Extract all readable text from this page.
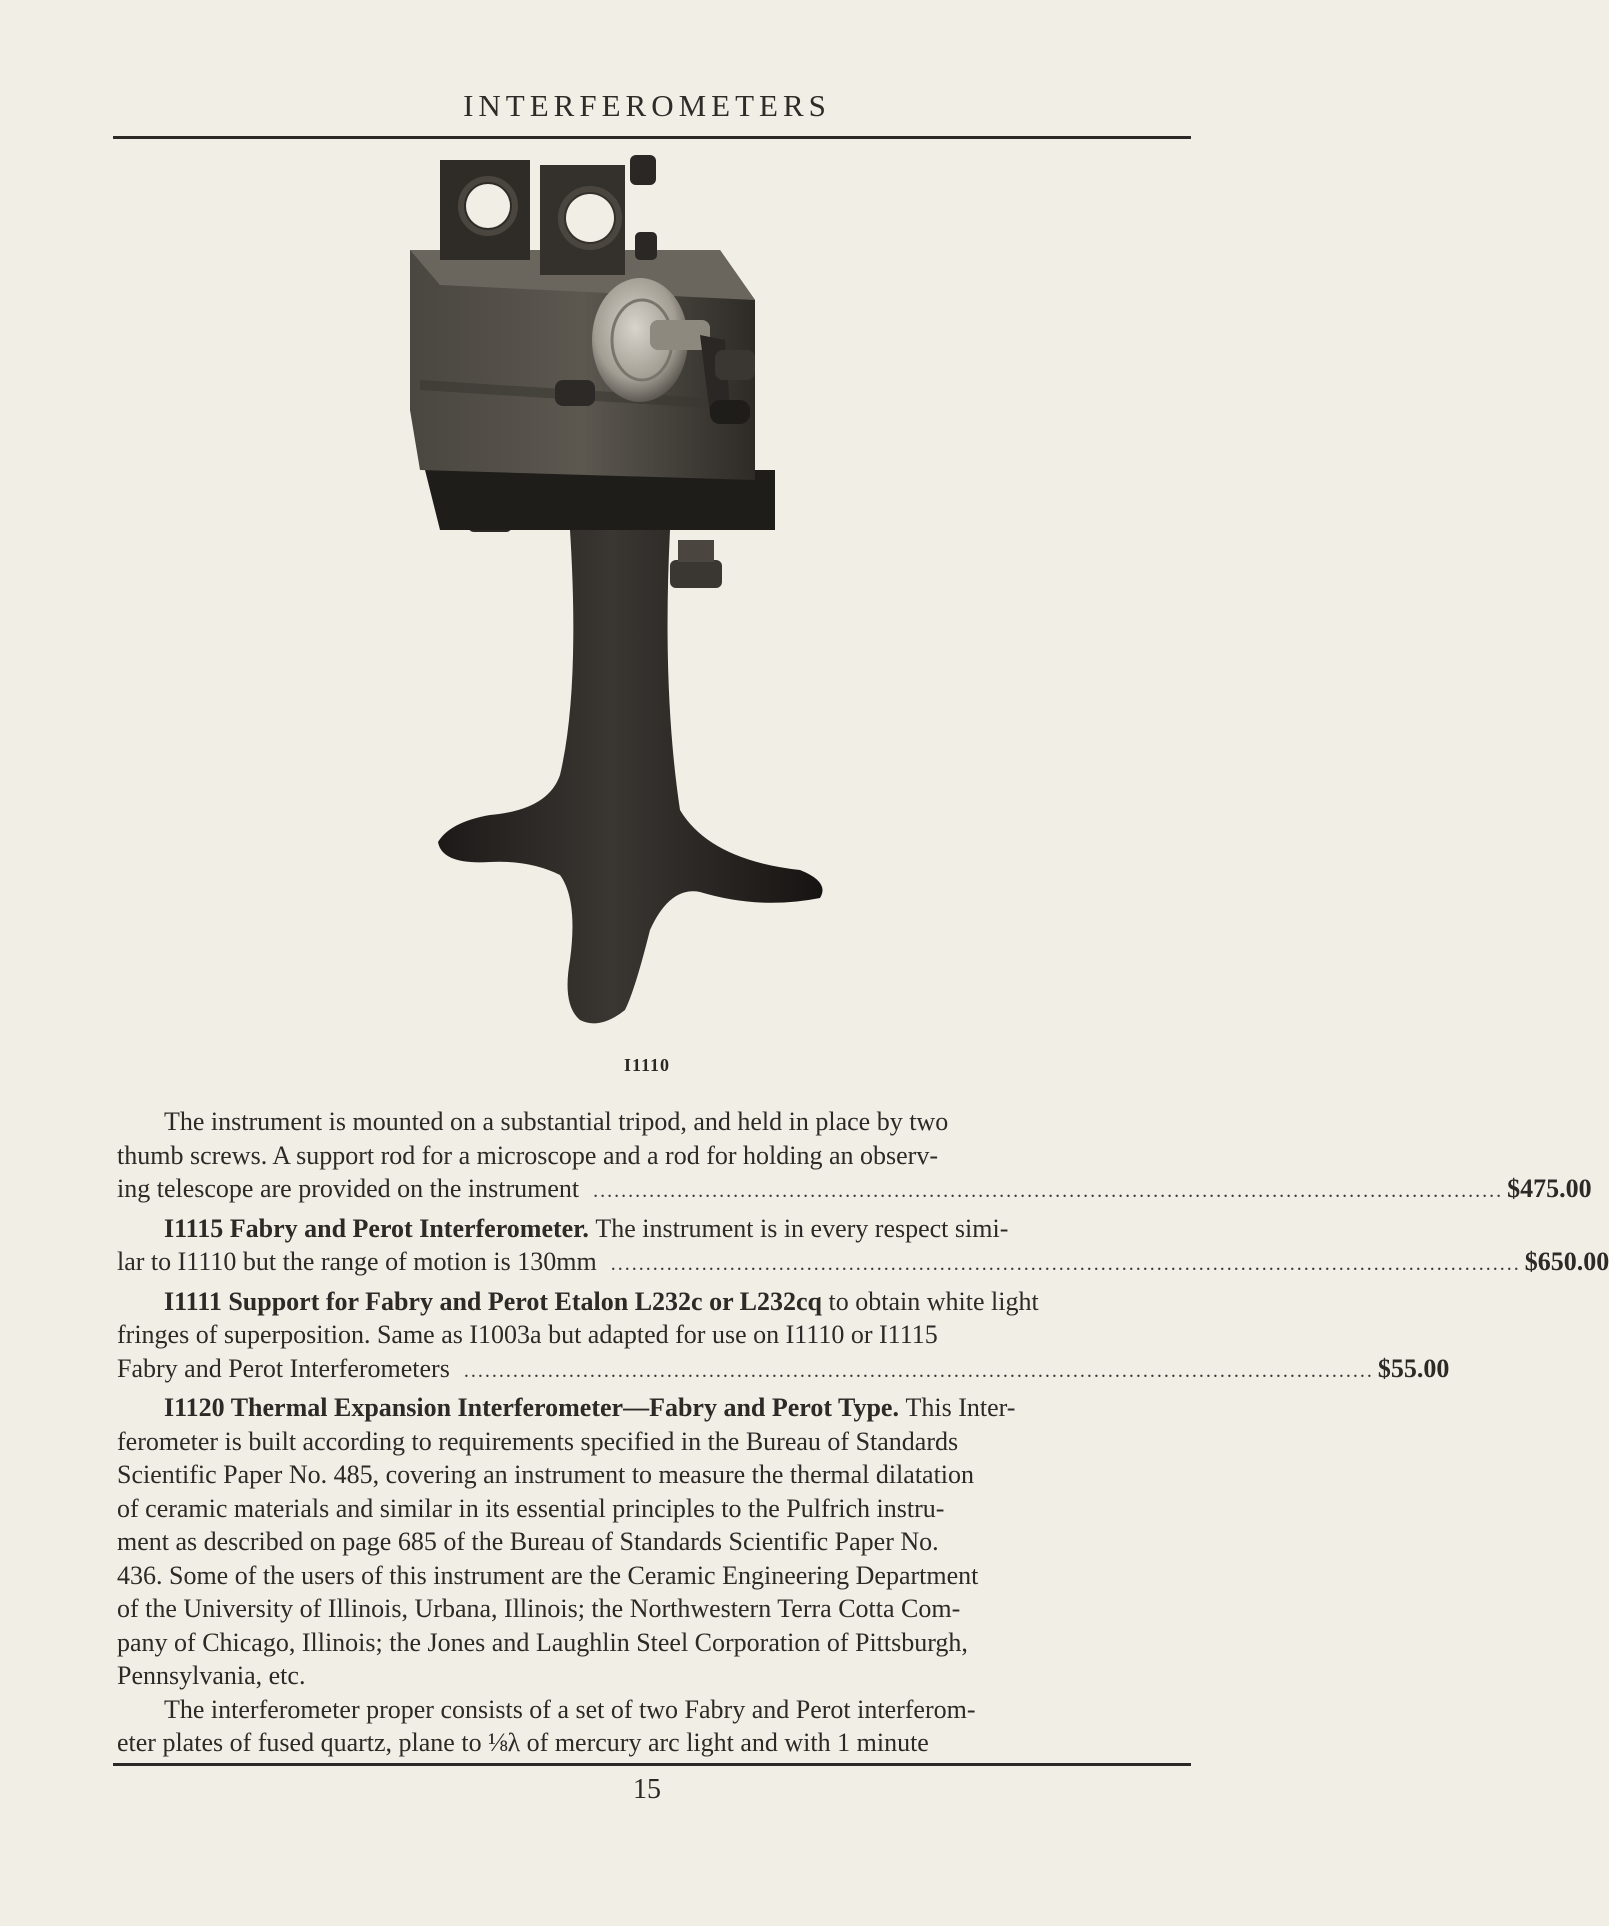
INTERFEROMETERS
I1110
The instrument is mounted on a substantial tripod, and held in place by two
thumb screws. A support rod for a microscope and a rod for holding an observ-
ing telescope are provided on the instrument .................................................................................................................................. $475.00
I1115 Fabry and Perot Interferometer.
The instrument is in every respect simi-
lar to I1110 but the range of motion is 130mm .................................................................................................................................. $650.00
I1111 Support for Fabry and Perot Etalon L232c or L232cq
to obtain white light
fringes of superposition. Same as I1003a but adapted for use on I1110 or I1115
Fabry and Perot Interferometers .................................................................................................................................. $55.00
I1120 Thermal Expansion Interferometer—Fabry and Perot Type.
This Inter-
ferometer is built according to requirements specified in the Bureau of Standards
Scientific Paper No. 485, covering an instrument to measure the thermal dilatation
of ceramic materials and similar in its essential principles to the Pulfrich instru-
ment as described on page 685 of the Bureau of Standards Scientific Paper No.
436. Some of the users of this instrument are the Ceramic Engineering Department
of the University of Illinois, Urbana, Illinois; the Northwestern Terra Cotta Com-
pany of Chicago, Illinois; the Jones and Laughlin Steel Corporation of Pittsburgh,
Pennsylvania, etc.
The interferometer proper consists of a set of two Fabry and Perot interferom-
eter plates of fused quartz, plane to ⅛λ of mercury arc light and with 1 minute
15
